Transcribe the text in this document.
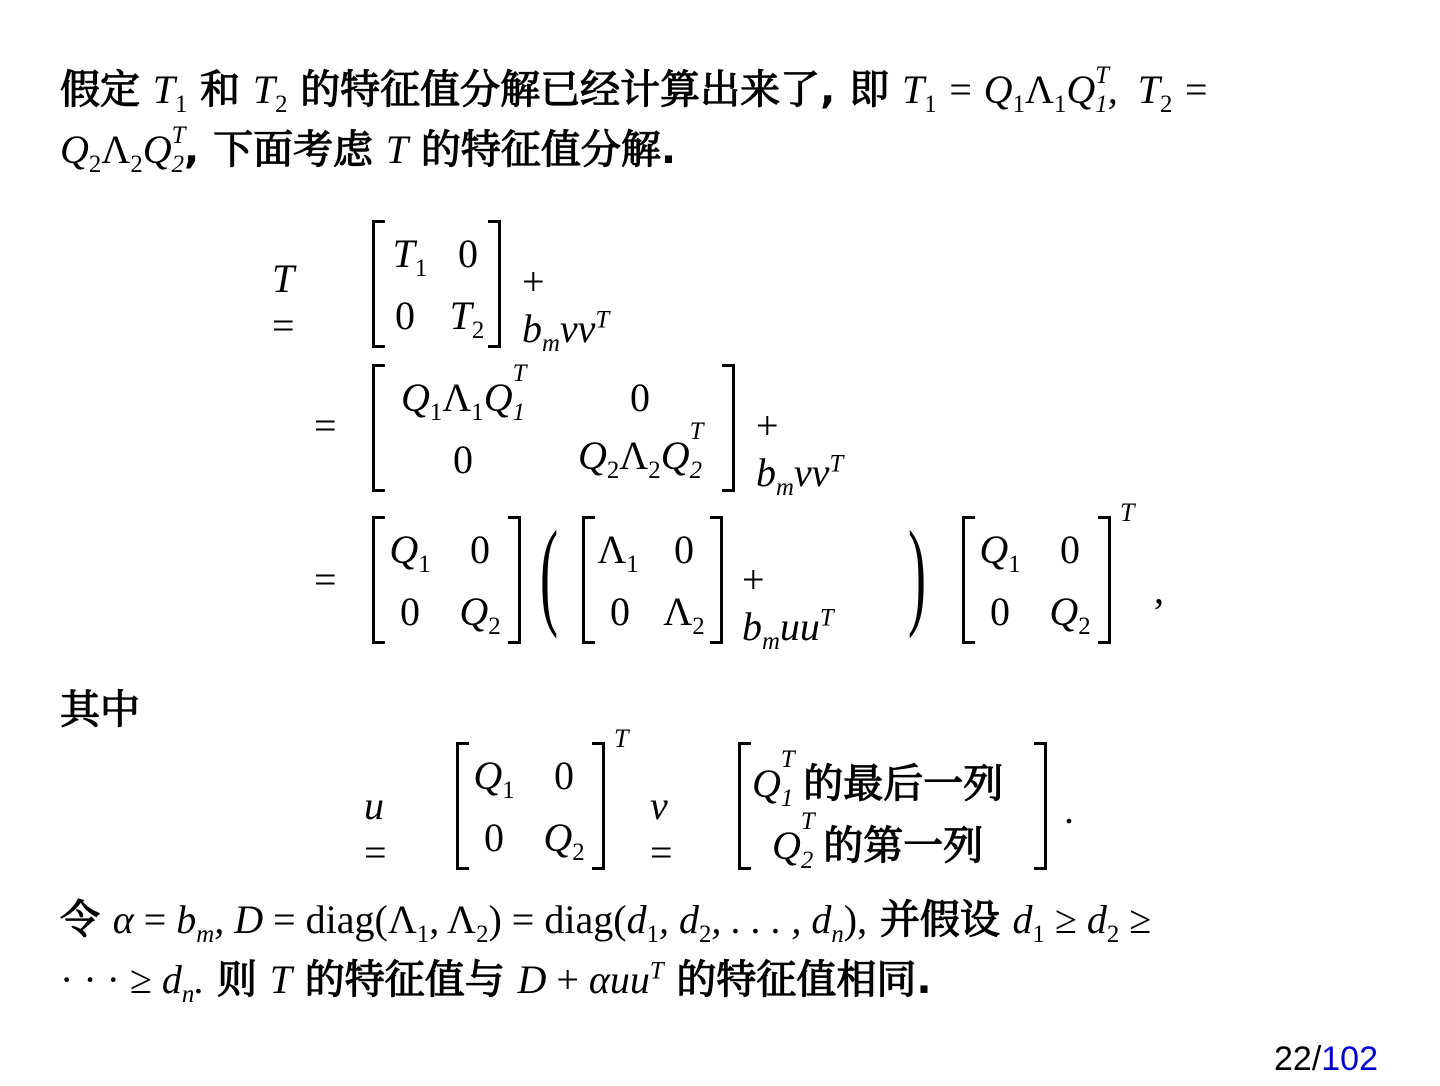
假定 $T_1$ 和 $T_2$ 的特征值分解已经计算出来了, 即 $T_1 = Q_1\Lambda_1Q$ T
$_1$,  $T_2$ =
$Q_2\Lambda_2Q$ T
$_2$, 下面考虑 T 的特征值分解.
T =
$T_1$ 0
0 $T_2$
+ $b_mvv^T$
=
$Q_1\Lambda_1Q$
T
$_1$	0
0	$Q_2\Lambda_2Q$
T
$_2$
+ $b_mvv^T$
=
$Q_1$ 0
0 $Q_2$ ( $\Lambda_1$ 0
0 $\Lambda_2$
+ $b_muu^T$ ) $Q_1$ 0
0 $Q_2$
T
,
其中
u =
$Q_1$ 0
0 $Q_2$
T
v =
Q
T
$_1$ 的最后一列
Q
T
$_2$ 的第一列
.
令 $\alpha = b_m$, $D = diag(\Lambda_1$, $\Lambda_2$) = $diag(d_1$, $d_2$, . . . , $d_n$), 并假设 $d_1 \ge d_2$ ≥
· · · ≥ $d_n$. 则 T 的特征值与 D + αuu$^T$ 的特征值相同.
22/102
